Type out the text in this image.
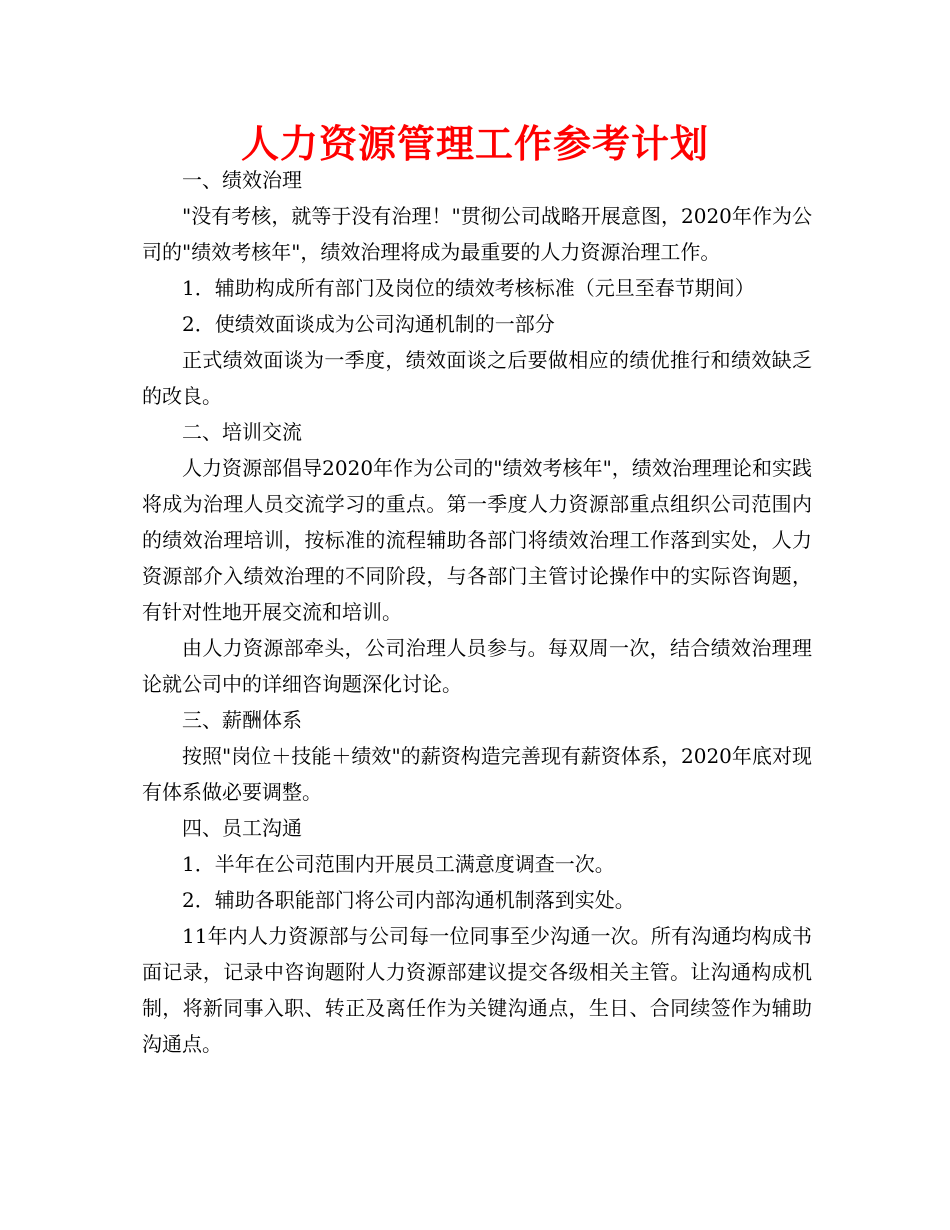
人力资源管理工作参考计划

一、绩效治理

"没有考核，就等于没有治理！"贯彻公司战略开展意图，2020年作为公司的"绩效考核年"，绩效治理将成为最重要的人力资源治理工作。

1．辅助构成所有部门及岗位的绩效考核标准（元旦至春节期间）

2．使绩效面谈成为公司沟通机制的一部分

正式绩效面谈为一季度，绩效面谈之后要做相应的绩优推行和绩效缺乏的改良。

二、培训交流

人力资源部倡导2020年作为公司的"绩效考核年"，绩效治理理论和实践将成为治理人员交流学习的重点。第一季度人力资源部重点组织公司范围内的绩效治理培训，按标准的流程辅助各部门将绩效治理工作落到实处，人力资源部介入绩效治理的不同阶段，与各部门主管讨论操作中的实际咨询题，有针对性地开展交流和培训。

由人力资源部牵头，公司治理人员参与。每双周一次，结合绩效治理理论就公司中的详细咨询题深化讨论。

三、薪酬体系

按照"岗位＋技能＋绩效"的薪资构造完善现有薪资体系，2020年底对现有体系做必要调整。

四、员工沟通

1．半年在公司范围内开展员工满意度调查一次。

2．辅助各职能部门将公司内部沟通机制落到实处。

11年内人力资源部与公司每一位同事至少沟通一次。所有沟通均构成书面记录，记录中咨询题附人力资源部建议提交各级相关主管。让沟通构成机制，将新同事入职、转正及离任作为关键沟通点，生日、合同续签作为辅助沟通点。
